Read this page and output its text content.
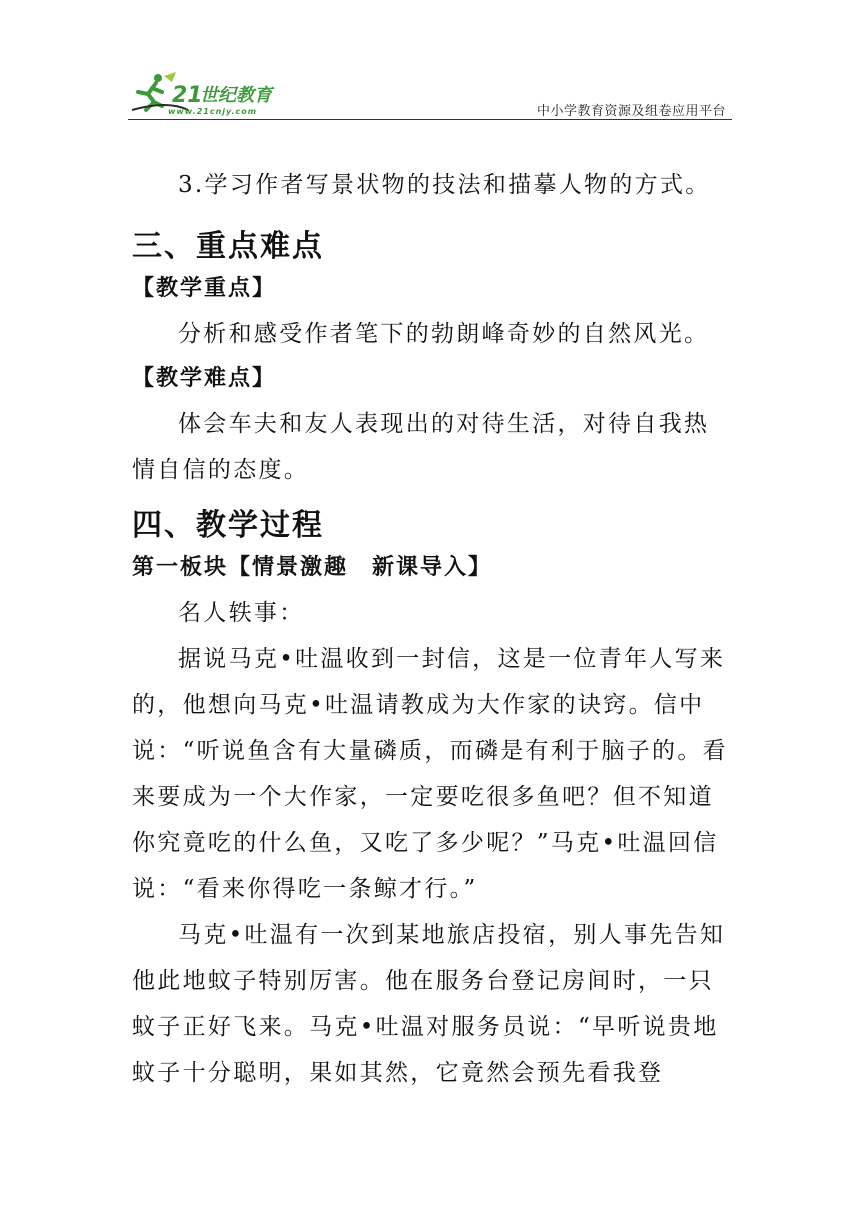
21
世纪教育
www.21cnjy.com	中小学教育资源及组卷应用平台

3.学习作者写景状物的技法和描摹人物的方式。

三、重点难点
【教学重点】

分析和感受作者笔下的勃朗峰奇妙的自然风光。

【教学难点】

体会车夫和友人表现出的对待生活，对待自我热情自信的态度。

四、教学过程
第一板块【情景激趣　新课导入】

名人轶事：

据说马克•吐温收到一封信，这是一位青年人写来的，他想向马克•吐温请教成为大作家的诀窍。信中说：“听说鱼含有大量磷质，而磷是有利于脑子的。看来要成为一个大作家，一定要吃很多鱼吧？但不知道你究竟吃的什么鱼，又吃了多少呢？”马克•吐温回信说：“看来你得吃一条鲸才行。”

马克•吐温有一次到某地旅店投宿，别人事先告知他此地蚊子特别厉害。他在服务台登记房间时，一只蚊子正好飞来。马克•吐温对服务员说：“早听说贵地蚊子十分聪明，果如其然，它竟然会预先看我登
